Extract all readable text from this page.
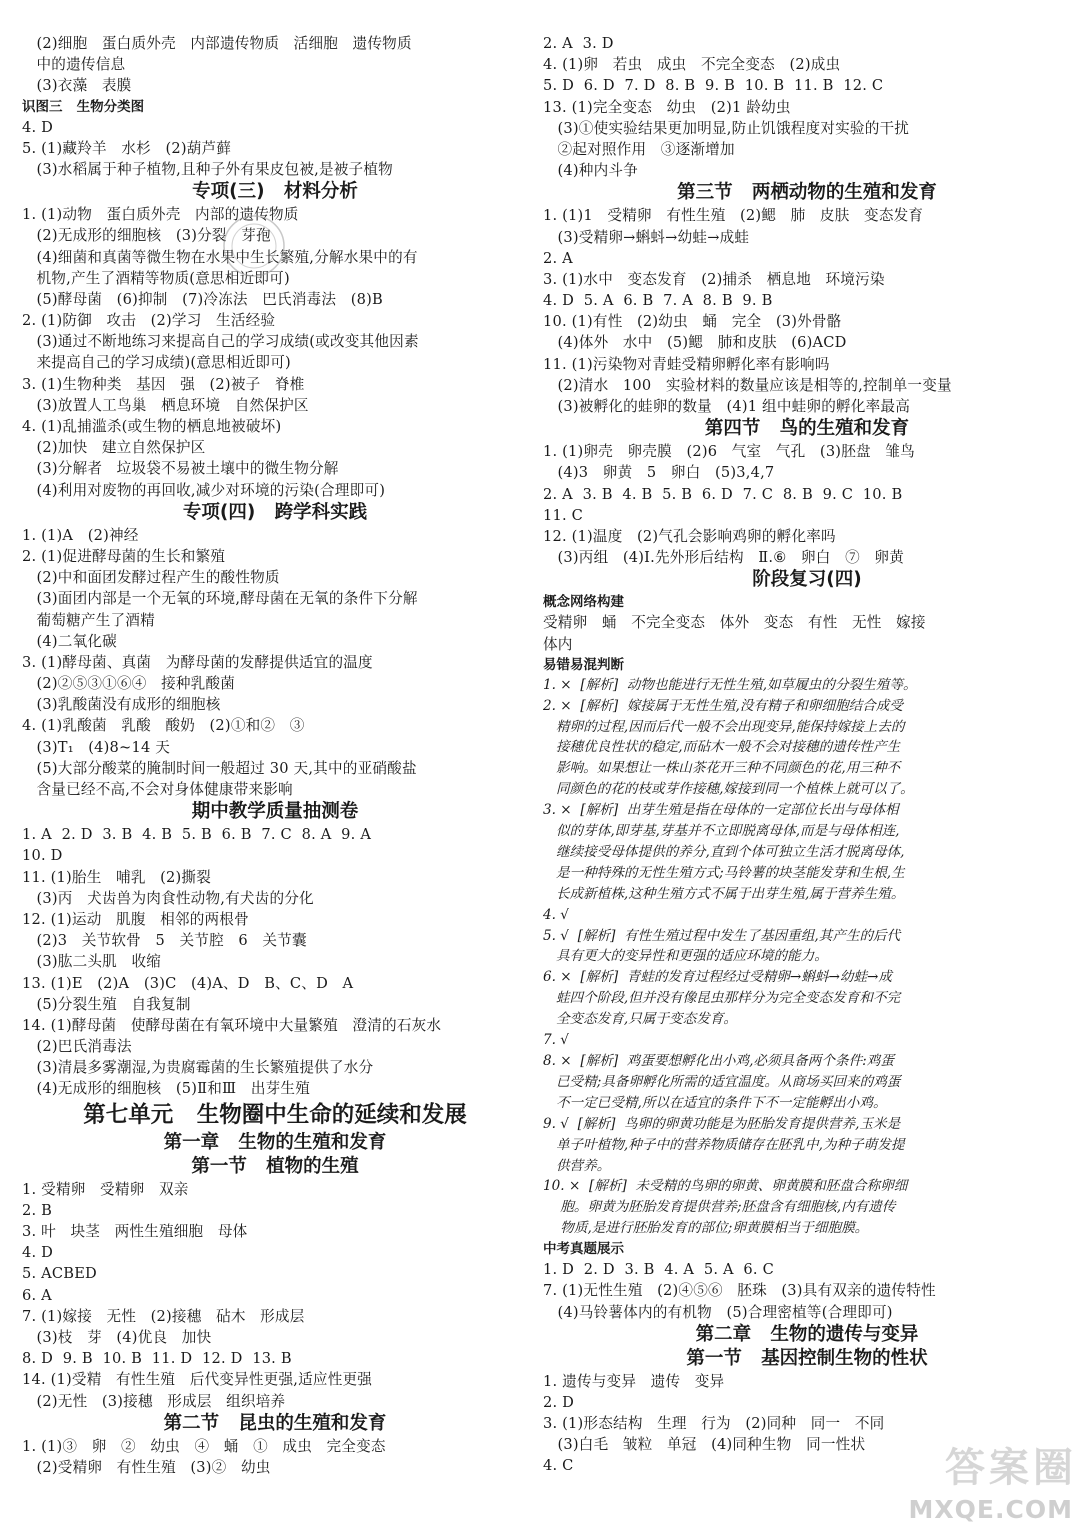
(2)细胞   蛋白质外壳   内部遗传物质   活细胞   遗传物质
中的遗传信息
(3)衣藻   表膜
识图三   生物分类图
4. D
5. (1)藏羚羊   水杉   (2)葫芦藓
(3)水稻属于种子植物,且种子外有果皮包被,是被子植物
专项(三)   材料分析
1. (1)动物   蛋白质外壳   内部的遗传物质
(2)无成形的细胞核   (3)分裂   芽孢
(4)细菌和真菌等微生物在水果中生长繁殖,分解水果中的有
机物,产生了酒精等物质(意思相近即可)
(5)酵母菌   (6)抑制   (7)冷冻法   巴氏消毒法   (8)B
2. (1)防御   攻击   (2)学习   生活经验
(3)通过不断地练习来提高自己的学习成绩(或改变其他因素
来提高自己的学习成绩)(意思相近即可)
3. (1)生物种类   基因   强   (2)被子   脊椎
(3)放置人工鸟巢   栖息环境   自然保护区
4. (1)乱捕滥杀(或生物的栖息地被破坏)
(2)加快   建立自然保护区
(3)分解者   垃圾袋不易被土壤中的微生物分解
(4)利用对废物的再回收,减少对环境的污染(合理即可)
专项(四)   跨学科实践
1. (1)A   (2)神经
2. (1)促进酵母菌的生长和繁殖
(2)中和面团发酵过程产生的酸性物质
(3)面团内部是一个无氧的环境,酵母菌在无氧的条件下分解
葡萄糖产生了酒精
(4)二氧化碳
3. (1)酵母菌、真菌   为酵母菌的发酵提供适宜的温度
(2)②⑤③①⑥④   接种乳酸菌
(3)乳酸菌没有成形的细胞核
4. (1)乳酸菌   乳酸   酸奶   (2)①和②   ③
(3)T₁   (4)8~14 天
(5)大部分酸菜的腌制时间一般超过 30 天,其中的亚硝酸盐
含量已经不高,不会对身体健康带来影响
期中教学质量抽测卷
1. A  2. D  3. B  4. B  5. B  6. B  7. C  8. A  9. A
10. D
11. (1)胎生   哺乳   (2)撕裂
(3)丙   犬齿兽为肉食性动物,有犬齿的分化
12. (1)运动   肌腹   相邻的两根骨
(2)3   关节软骨   5   关节腔   6   关节囊
(3)肱二头肌   收缩
13. (1)E   (2)A   (3)C   (4)A、D   B、C、D   A
(5)分裂生殖   自我复制
14. (1)酵母菌   使酵母菌在有氧环境中大量繁殖   澄清的石灰水
(2)巴氏消毒法
(3)清晨多雾潮湿,为贵腐霉菌的生长繁殖提供了水分
(4)无成形的细胞核   (5)Ⅱ和Ⅲ   出芽生殖
第七单元   生物圈中生命的延续和发展
第一章   生物的生殖和发育
第一节   植物的生殖
1. 受精卵   受精卵   双亲
2. B
3. 叶   块茎   两性生殖细胞   母体
4. D
5. ACBED
6. A
7. (1)嫁接   无性   (2)接穗   砧木   形成层
(3)枝   芽   (4)优良   加快
8. D  9. B  10. B  11. D  12. D  13. B
14. (1)受精   有性生殖   后代变异性更强,适应性更强
(2)无性   (3)接穗   形成层   组织培养
第二节   昆虫的生殖和发育
1. (1)③   卵   ②   幼虫   ④   蛹   ①   成虫   完全变态
(2)受精卵   有性生殖   (3)②   幼虫
2. A  3. D
4. (1)卵   若虫   成虫   不完全变态   (2)成虫
5. D  6. D  7. D  8. B  9. B  10. B  11. B  12. C
13. (1)完全变态   幼虫   (2)1 龄幼虫
(3)①使实验结果更加明显,防止饥饿程度对实验的干扰
②起对照作用   ③逐渐增加
(4)种内斗争
第三节   两栖动物的生殖和发育
1. (1)1   受精卵   有性生殖   (2)鳃   肺   皮肤   变态发育
(3)受精卵→蝌蚪→幼蛙→成蛙
2. A
3. (1)水中   变态发育   (2)捕杀   栖息地   环境污染
4. D  5. A  6. B  7. A  8. B  9. B
10. (1)有性   (2)幼虫   蛹   完全   (3)外骨骼
(4)体外   水中   (5)鳃   肺和皮肤   (6)ACD
11. (1)污染物对青蛙受精卵孵化率有影响吗
(2)清水   100   实验材料的数量应该是相等的,控制单一变量
(3)被孵化的蛙卵的数量   (4)1 组中蛙卵的孵化率最高
第四节   鸟的生殖和发育
1. (1)卵壳   卵壳膜   (2)6   气室   气孔   (3)胚盘   雏鸟
(4)3   卵黄   5   卵白   (5)3,4,7
2. A  3. B  4. B  5. B  6. D  7. C  8. B  9. C  10. B
11. C
12. (1)温度   (2)气孔会影响鸡卵的孵化率吗
(3)丙组   (4)Ⅰ.先外形后结构   Ⅱ.⑥   卵白   ⑦   卵黄
阶段复习(四)
概念网络构建
受精卵   蛹   不完全变态   体外   变态   有性   无性   嫁接
体内
易错易混判断
1. ×  [解析]  动物也能进行无性生殖,如草履虫的分裂生殖等。
2. ×  [解析]  嫁接属于无性生殖,没有精子和卵细胞结合成受
精卵的过程,因而后代一般不会出现变异,能保持嫁接上去的
接穗优良性状的稳定,而砧木一般不会对接穗的遗传性产生
影响。如果想让一株山茶花开三种不同颜色的花,用三种不
同颜色的花的枝或芽作接穗,嫁接到同一个植株上就可以了。
3. ×  [解析]  出芽生殖是指在母体的一定部位长出与母体相
似的芽体,即芽基,芽基并不立即脱离母体,而是与母体相连,
继续接受母体提供的养分,直到个体可独立生活才脱离母体,
是一种特殊的无性生殖方式;马铃薯的块茎能发芽和生根,生
长成新植株,这种生殖方式不属于出芽生殖,属于营养生殖。
4. √
5. √  [解析]  有性生殖过程中发生了基因重组,其产生的后代
具有更大的变异性和更强的适应环境的能力。
6. ×  [解析]  青蛙的发育过程经过受精卵→蝌蚪→幼蛙→成
蛙四个阶段,但并没有像昆虫那样分为完全变态发育和不完
全变态发育,只属于变态发育。
7. √
8. ×  [解析]  鸡蛋要想孵化出小鸡,必须具备两个条件:鸡蛋
已受精;具备卵孵化所需的适宜温度。从商场买回来的鸡蛋
不一定已受精,所以在适宜的条件下不一定能孵出小鸡。
9. √  [解析]  鸟卵的卵黄功能是为胚胎发育提供营养,玉米是
单子叶植物,种子中的营养物质储存在胚乳中,为种子萌发提
供营养。
10. ×  [解析]  未受精的鸟卵的卵黄、卵黄膜和胚盘合称卵细
胞。卵黄为胚胎发育提供营养;胚盘含有细胞核,内有遗传
物质,是进行胚胎发育的部位;卵黄膜相当于细胞膜。
中考真题展示
1. D  2. D  3. B  4. A  5. A  6. C
7. (1)无性生殖   (2)④⑤⑥   胚珠   (3)具有双亲的遗传特性
(4)马铃薯体内的有机物   (5)合理密植等(合理即可)
第二章   生物的遗传与变异
第一节   基因控制生物的性状
1. 遗传与变异   遗传   变异
2. D
3. (1)形态结构   生理   行为   (2)同种   同一   不同
(3)白毛   皱粒   单冠   (4)同种生物   同一性状
4. C	答案圈
MXQE.COM
